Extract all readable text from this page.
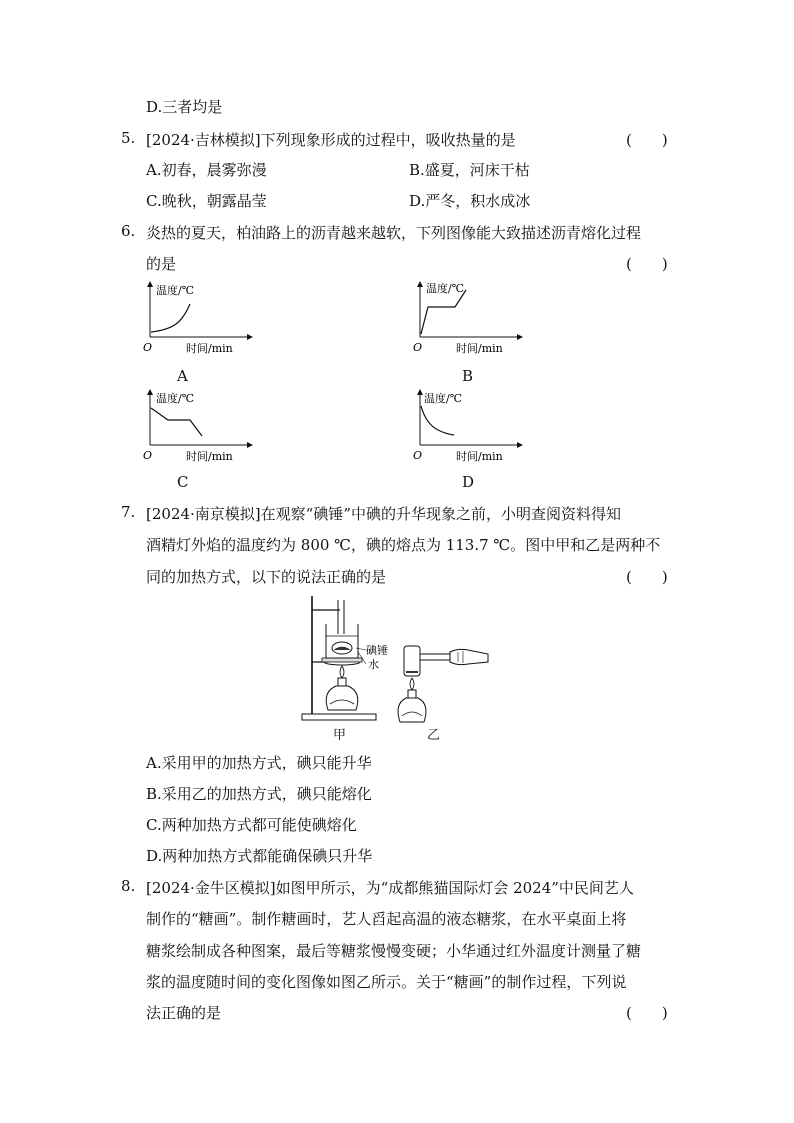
D.三者均是
5. [2024·吉林模拟]下列现象形成的过程中，吸收热量的是	(　　)
A.初春，晨雾弥漫	B.盛夏，河床干枯
C.晚秋，朝露晶莹	D.严冬，积水成冰
6. 炎热的夏天，柏油路上的沥青越来越软，下列图像能大致描述沥青熔化过程
的是	(　　)
温度/℃
时间/min
O
A
温度/℃
时间/min
O
B
温度/℃
时间/min
O
C
温度/℃
时间/min
O
D
7. [2024·南京模拟]在观察“碘锤”中碘的升华现象之前，小明查阅资料得知
酒精灯外焰的温度约为 800 ℃，碘的熔点为 113.7 ℃。图中甲和乙是两种不
同的加热方式，以下的说法正确的是	(　　)
碘锤
水
甲	乙
A.采用甲的加热方式，碘只能升华
B.采用乙的加热方式，碘只能熔化
C.两种加热方式都可能使碘熔化
D.两种加热方式都能确保碘只升华
8. [2024·金牛区模拟]如图甲所示，为“成都熊猫国际灯会 2024”中民间艺人
制作的“糖画”。制作糖画时，艺人舀起高温的液态糖浆，在水平桌面上将
糖浆绘制成各种图案，最后等糖浆慢慢变硬；小华通过红外温度计测量了糖
浆的温度随时间的变化图像如图乙所示。关于“糖画”的制作过程，下列说
法正确的是	(　　)
